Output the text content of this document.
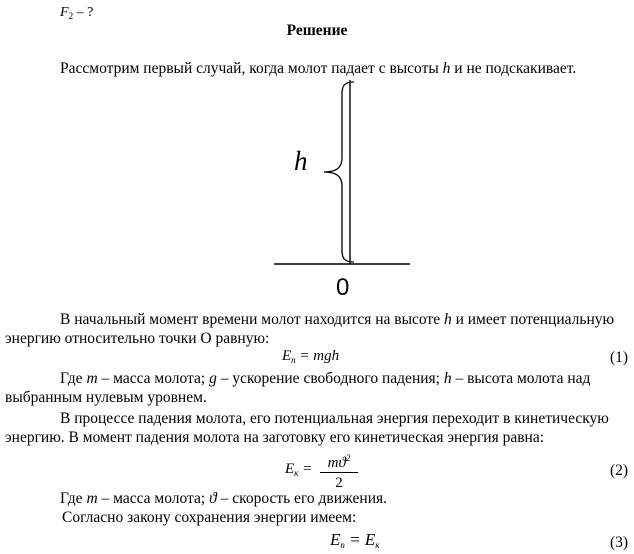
$F_2$ – ?
Решение
Рассмотрим первый случай, когда молот падает с высоты h и не подскакивает.
h
0
В начальный момент времени молот находится на высоте h и имеет потенциальную
энергию относительно точки О равную:
$E_п$ = mgh	(1)
Где m – масса молота; g – ускорение свободного падения; h – высота молота над
выбранным нулевым уровнем.
В процессе падения молота, его потенциальная энергия переходит в кинетическую
энергию. В момент падения молота на заготовку его кинетическая энергия равна:
$E_к = \frac{mϑ^2}{2}$	(2)
Где m – масса молота; ϑ – скорость его движения.
Согласно закону сохранения энергии имеем:
$E_п = E_к$	(3)
